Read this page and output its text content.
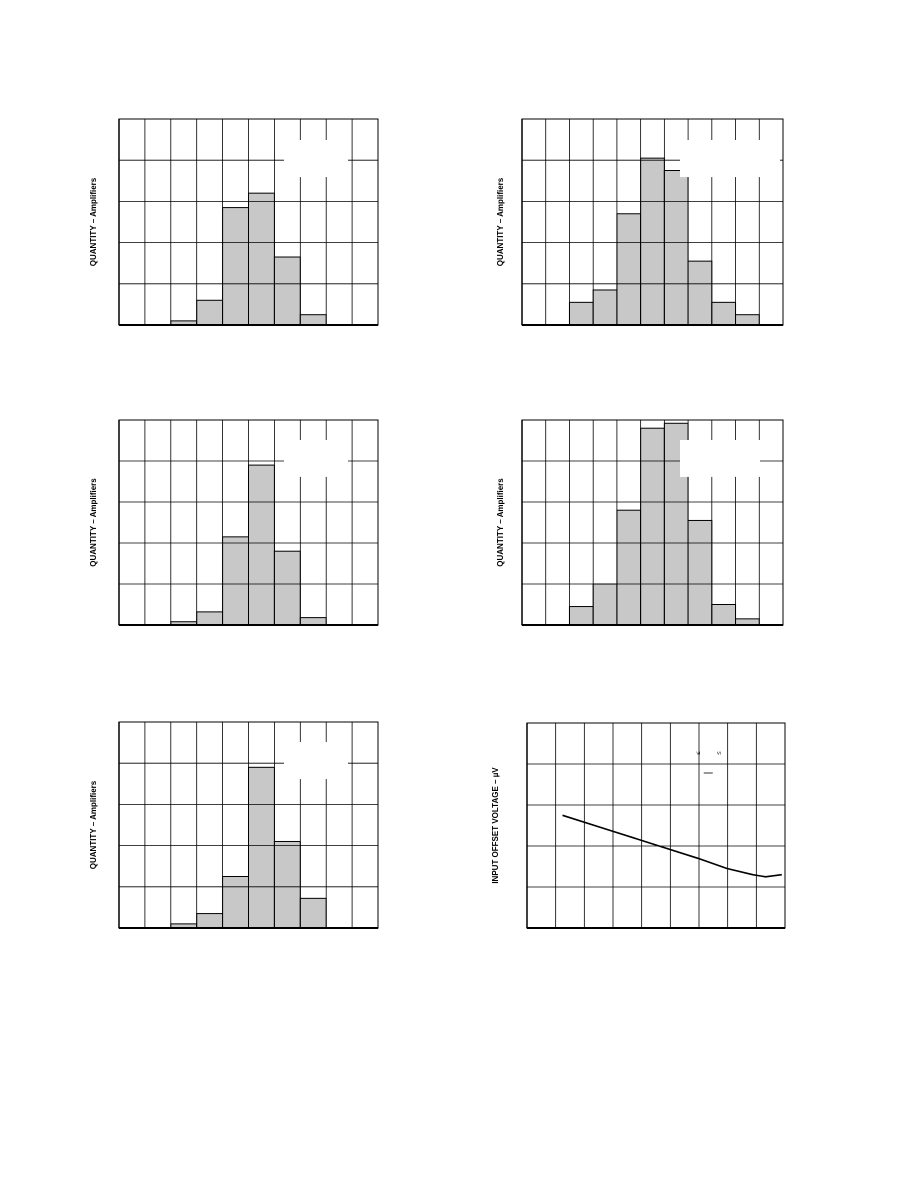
QUANTITY – Amplifiers	QUANTITY – Amplifiers
QUANTITY – Amplifiers	QUANTITY – Amplifiers
QUANTITY – Amplifiers
≤ ≤
INPUT OFFSET VOLTAGE – µV
